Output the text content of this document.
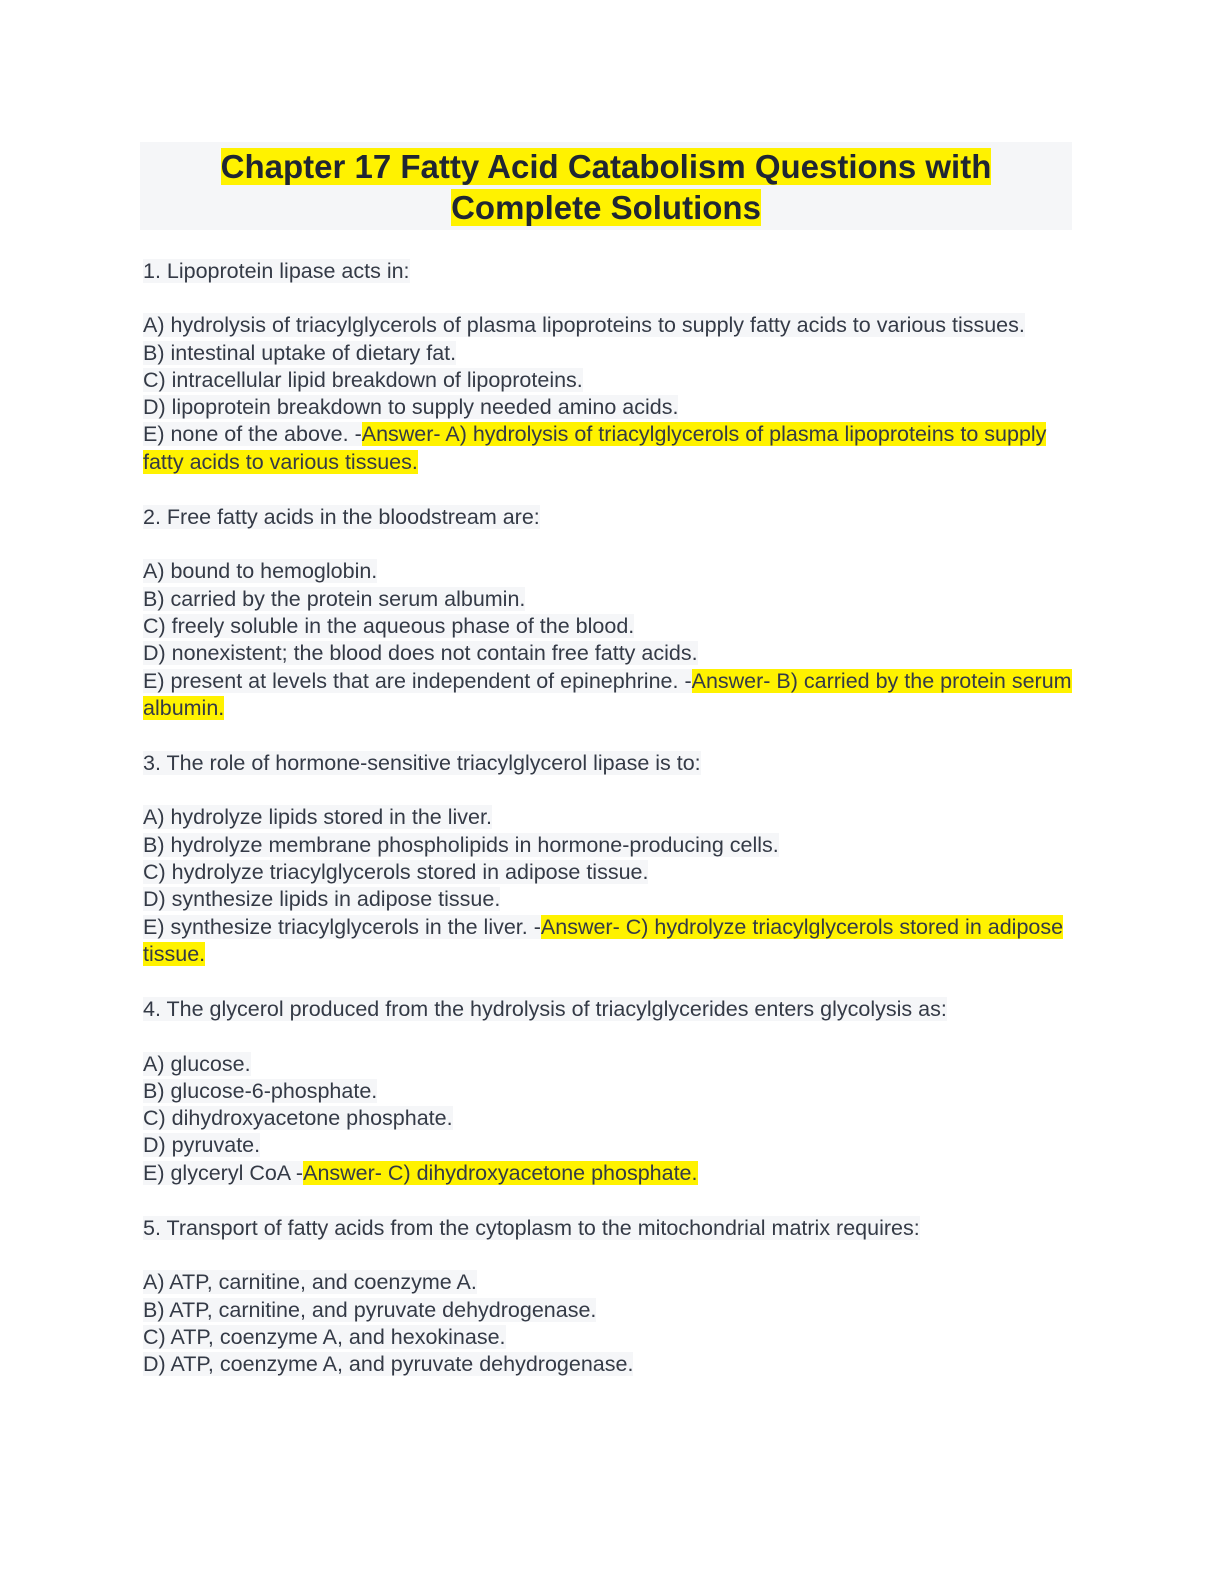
Chapter 17 Fatty Acid Catabolism Questions with
Complete Solutions
1. Lipoprotein lipase acts in:
A) hydrolysis of triacylglycerols of plasma lipoproteins to supply fatty acids to various tissues.
B) intestinal uptake of dietary fat.
C) intracellular lipid breakdown of lipoproteins.
D) lipoprotein breakdown to supply needed amino acids.
E) none of the above. -Answer- A) hydrolysis of triacylglycerols of plasma lipoproteins to supply fatty acids to various tissues.
2. Free fatty acids in the bloodstream are:
A) bound to hemoglobin.
B) carried by the protein serum albumin.
C) freely soluble in the aqueous phase of the blood.
D) nonexistent; the blood does not contain free fatty acids.
E) present at levels that are independent of epinephrine. -Answer- B) carried by the protein serum albumin.
3. The role of hormone-sensitive triacylglycerol lipase is to:
A) hydrolyze lipids stored in the liver.
B) hydrolyze membrane phospholipids in hormone-producing cells.
C) hydrolyze triacylglycerols stored in adipose tissue.
D) synthesize lipids in adipose tissue.
E) synthesize triacylglycerols in the liver. -Answer- C) hydrolyze triacylglycerols stored in adipose tissue.
4. The glycerol produced from the hydrolysis of triacylglycerides enters glycolysis as:
A) glucose.
B) glucose-6-phosphate.
C) dihydroxyacetone phosphate.
D) pyruvate.
E) glyceryl CoA -Answer- C) dihydroxyacetone phosphate.
5. Transport of fatty acids from the cytoplasm to the mitochondrial matrix requires:
A) ATP, carnitine, and coenzyme A.
B) ATP, carnitine, and pyruvate dehydrogenase.
C) ATP, coenzyme A, and hexokinase.
D) ATP, coenzyme A, and pyruvate dehydrogenase.
